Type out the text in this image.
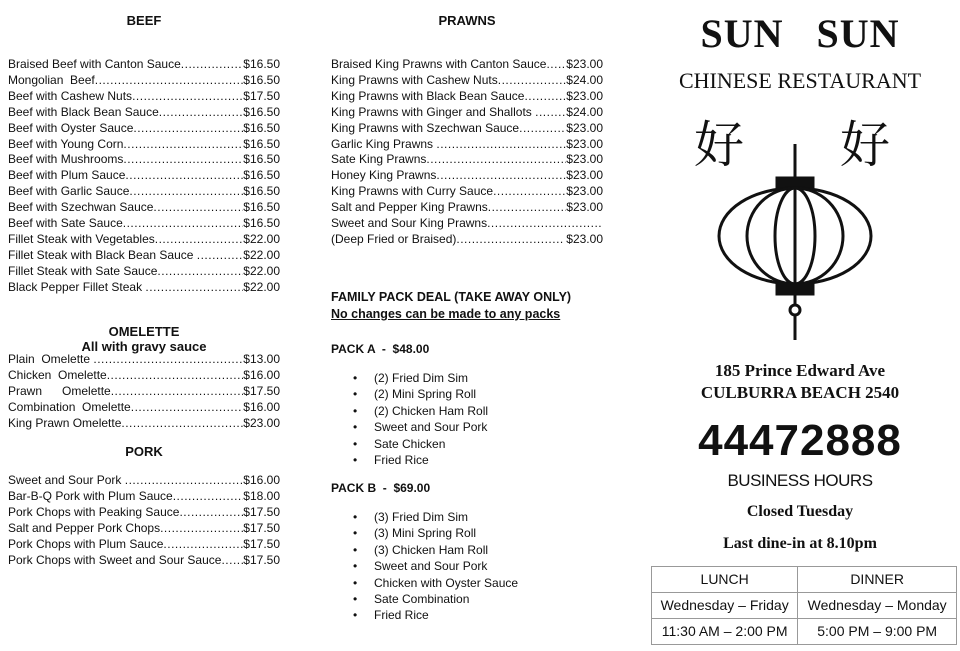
BEEF
Braised Beef with Canton Sauce .....	$16.50
Mongolian  Beef .....	$16.50
Beef with Cashew Nuts .....	$17.50
Beef with Black Bean Sauce .....	$16.50
Beef with Oyster Sauce .....	$16.50
Beef with Young Corn .....	$16.50
Beef with Mushrooms .....	$16.50
Beef with Plum Sauce .....	$16.50
Beef with Garlic Sauce .....	$16.50
Beef with Szechwan Sauce .....	$16.50
Beef with Sate Sauce .....	$16.50
Fillet Steak with Vegetables .....	$22.00
Fillet Steak with Black Bean Sauce .....	$22.00
Fillet Steak with Sate Sauce .....	$22.00
Black Pepper Fillet Steak .....	$22.00
OMELETTE
All with gravy sauce
Plain  Omelette .....	$13.00
Chicken  Omelette .....	$16.00
Prawn      Omelette .....	$17.50
Combination  Omelette .....	$16.00
King Prawn Omelette .....	$23.00
PORK
Sweet and Sour Pork .....	$16.00
Bar-B-Q Pork with Plum Sauce .....	$18.00
Pork Chops with Peaking Sauce .....	$17.50
Salt and Pepper Pork Chops .....	$17.50
Pork Chops with Plum Sauce .....	$17.50
Pork Chops with Sweet and Sour Sauce ..... $17.50
PRAWNS
Braised King Prawns with Canton Sauce ..... $23.00
King Prawns with Cashew Nuts .....	$24.00
King Prawns with Black Bean Sauce .....	$23.00
King Prawns with Ginger and Shallots .....	$24.00
King Prawns with Szechwan Sauce .....	$23.00
Garlic King Prawns .....	$23.00
Sate King Prawns .....	$23.00
Honey King Prawns .....	$23.00
King Prawns with Curry Sauce .....	$23.00
Salt and Pepper King Prawns .....	$23.00
Sweet and Sour King Prawns
.....
(Deep Fried or Braised) .....	$23.00
FAMILY PACK DEAL (TAKE AWAY ONLY)
No changes can be made to any packs
PACK A  -  $48.00
• (2) Fried Dim Sim
• (2) Mini Spring Roll
• (2) Chicken Ham Roll
• Sweet and Sour Pork
• Sate Chicken
• Fried Rice
PACK B  -  $69.00
• (3) Fried Dim Sim
• (3) Mini Spring Roll
• (3) Chicken Ham Roll
• Sweet and Sour Pork
• Chicken with Oyster Sauce
• Sate Combination
• Fried Rice
SUN   SUN
CHINESE RESTAURANT
好 好
185 Prince Edward Ave
CULBURRA BEACH 2540
44472888
BUSINESS HOURS
Closed Tuesday
Last dine-in at 8.10pm
LUNCH	DINNER
Wednesday – Friday	Wednesday – Monday
11:30 AM – 2:00 PM	5:00 PM – 9:00 PM
